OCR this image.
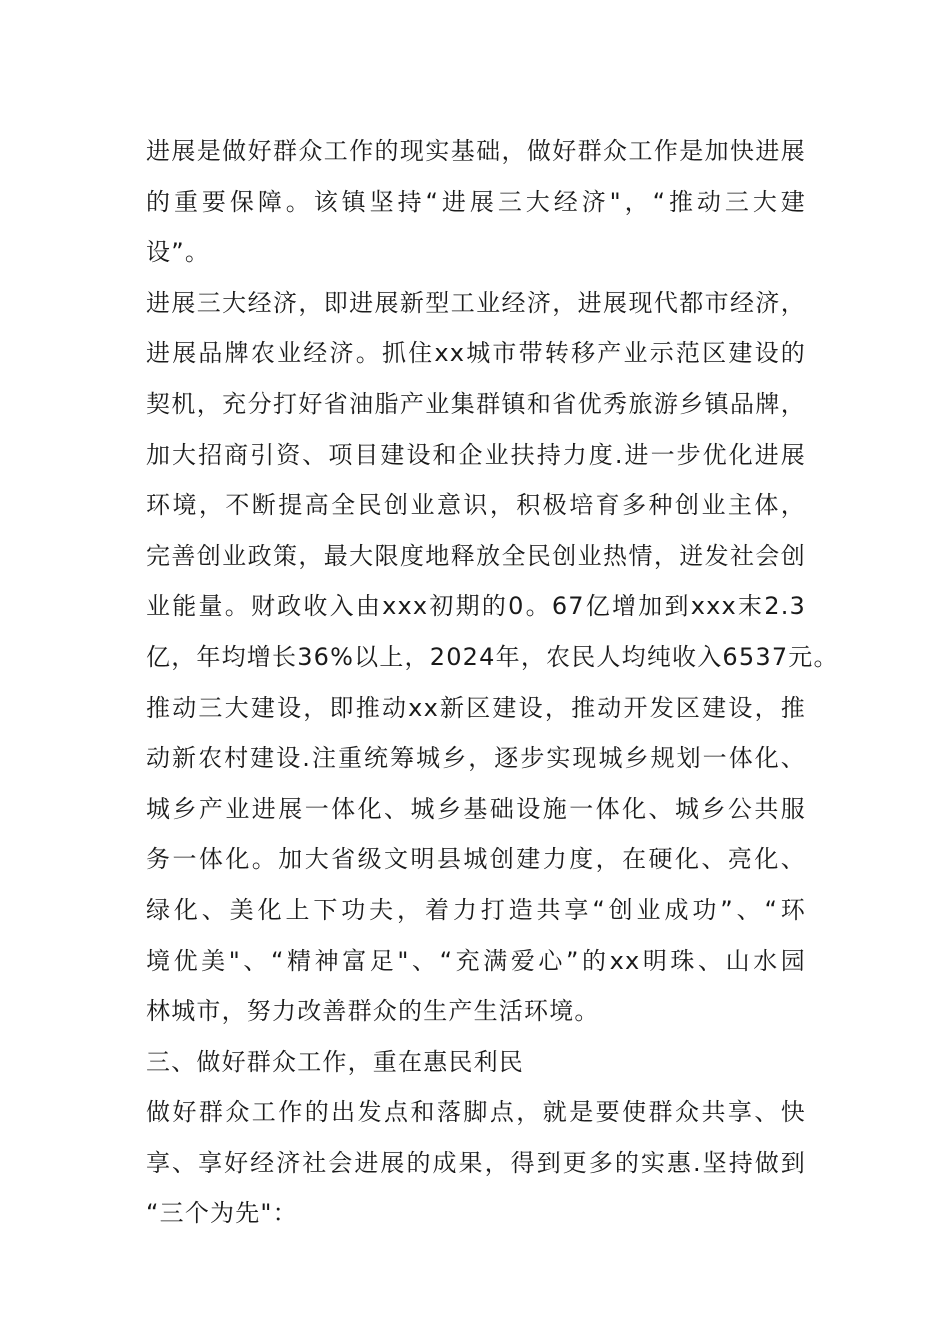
进展是做好群众工作的现实基础，做好群众工作是加快进展
的重要保障。该镇坚持“进展三大经济"，“推动三大建
设”。
进展三大经济，即进展新型工业经济，进展现代都市经济，
进展品牌农业经济。抓住xx城市带转移产业示范区建设的
契机，充分打好省油脂产业集群镇和省优秀旅游乡镇品牌，
加大招商引资、项目建设和企业扶持力度.进一步优化进展
环境，不断提高全民创业意识，积极培育多种创业主体，
完善创业政策，最大限度地释放全民创业热情，迸发社会创
业能量。财政收入由xxx初期的0。67亿增加到xxx末2.3
亿，年均增长36%以上，2024年，农民人均纯收入6537元。
推动三大建设，即推动xx新区建设，推动开发区建设，推
动新农村建设.注重统筹城乡，逐步实现城乡规划一体化、
城乡产业进展一体化、城乡基础设施一体化、城乡公共服
务一体化。加大省级文明县城创建力度，在硬化、亮化、
绿化、美化上下功夫，着力打造共享“创业成功”、“环
境优美"、“精神富足"、“充满爱心”的xx明珠、山水园
林城市，努力改善群众的生产生活环境。
三、做好群众工作，重在惠民利民
做好群众工作的出发点和落脚点，就是要使群众共享、快
享、享好经济社会进展的成果，得到更多的实惠.坚持做到
“三个为先"：
